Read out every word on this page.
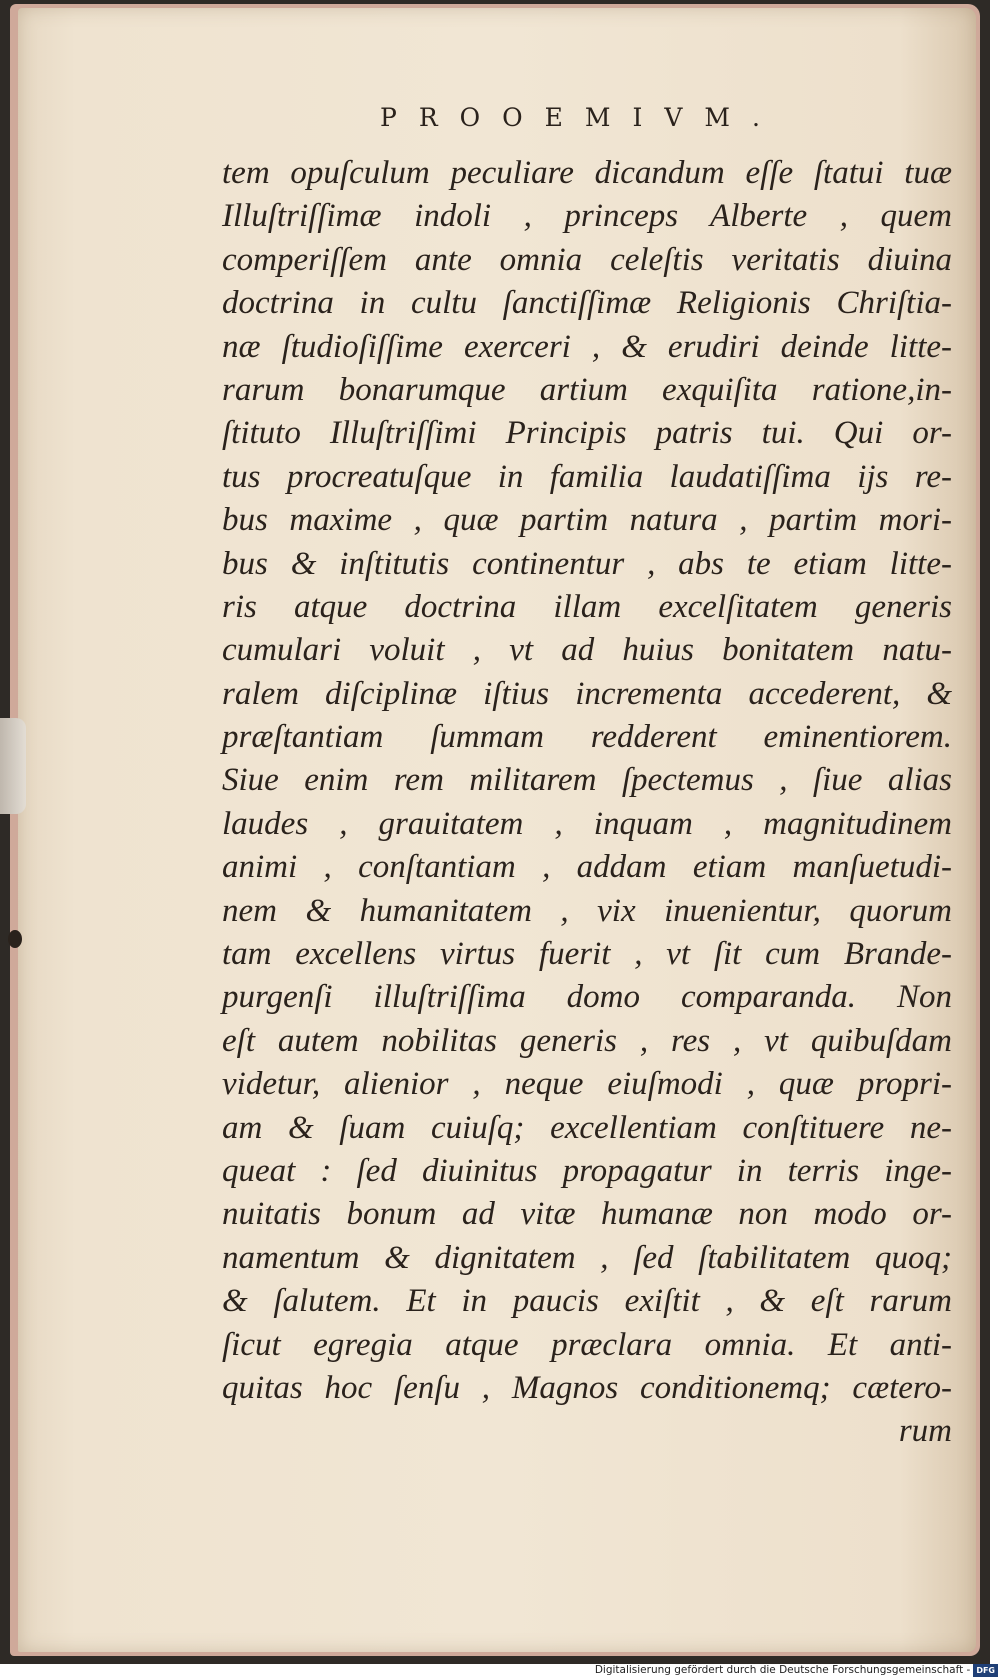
PROOEMIVM.
tem opuſculum peculiare dicandum eſſe ſtatui tuæ
Illuſtriſſimæ indoli , princeps Alberte , quem
comperiſſem ante omnia celeſtis veritatis diuina
doctrina in cultu ſanctiſſimæ Religionis Chriſtia-
næ ſtudioſiſſime exerceri , & erudiri deinde litte-
rarum bonarumque artium exquiſita ratione,in-
ſtituto Illuſtriſſimi Principis patris tui. Qui or-
tus procreatuſque in familia laudatiſſima ijs re-
bus maxime , quæ partim natura , partim mori-
bus & inſtitutis continentur , abs te etiam litte-
ris atque doctrina illam excelſitatem generis
cumulari voluit , vt ad huius bonitatem natu-
ralem diſciplinæ iſtius incrementa accederent, &
præſtantiam ſummam redderent eminentiorem.
Siue enim rem militarem ſpectemus , ſiue alias
laudes , grauitatem , inquam , magnitudinem
animi , conſtantiam , addam etiam manſuetudi-
nem & humanitatem , vix inuenientur, quorum
tam excellens virtus fuerit , vt ſit cum Brande-
purgenſi illuſtriſſima domo comparanda. Non
eſt autem nobilitas generis , res , vt quibuſdam
videtur, alienior , neque eiuſmodi , quæ propri-
am & ſuam cuiuſq; excellentiam conſtituere ne-
queat : ſed diuinitus propagatur in terris inge-
nuitatis bonum ad vitæ humanæ non modo or-
namentum & dignitatem , ſed ſtabilitatem quoq;
& ſalutem. Et in paucis exiſtit , & eſt rarum
ſicut egregia atque præclara omnia. Et anti-
quitas hoc ſenſu , Magnos conditionemq; cætero-
rum
Digitalisierung gefördert durch die Deutsche Forschungsgemeinschaft - DFG
